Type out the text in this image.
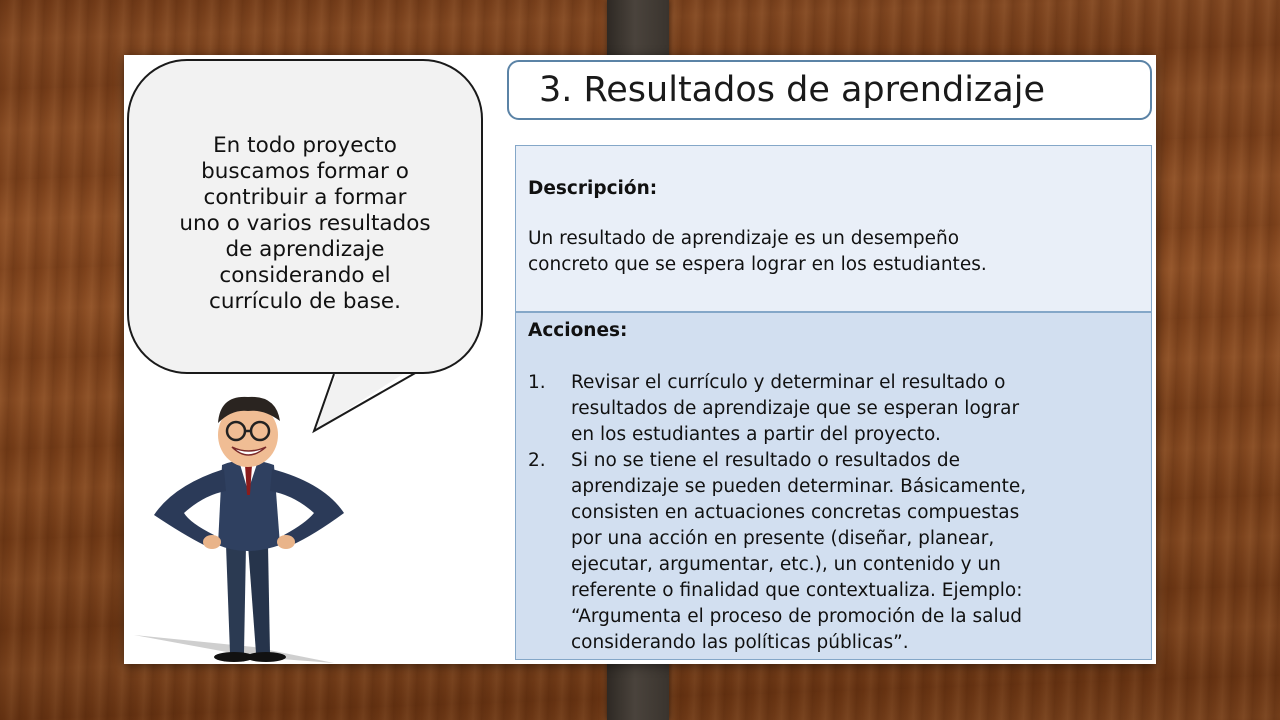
En todo proyecto
buscamos formar o
contribuir a formar
uno o varios resultados
de aprendizaje
considerando el
currículo de base.
3. Resultados de aprendizaje
Descripción:
Un resultado de aprendizaje es un desempeño
concreto que se espera lograr en los estudiantes.
Acciones:
1. Revisar el currículo y determinar el resultado o
resultados de aprendizaje que se esperan lograr
en los estudiantes a partir del proyecto.
2. Si no se tiene el resultado o resultados de
aprendizaje se pueden determinar. Básicamente,
consisten en actuaciones concretas compuestas
por una acción en presente (diseñar, planear,
ejecutar, argumentar, etc.), un contenido y un
referente o finalidad que contextualiza. Ejemplo:
“Argumenta el proceso de promoción de la salud
considerando las políticas públicas”.
